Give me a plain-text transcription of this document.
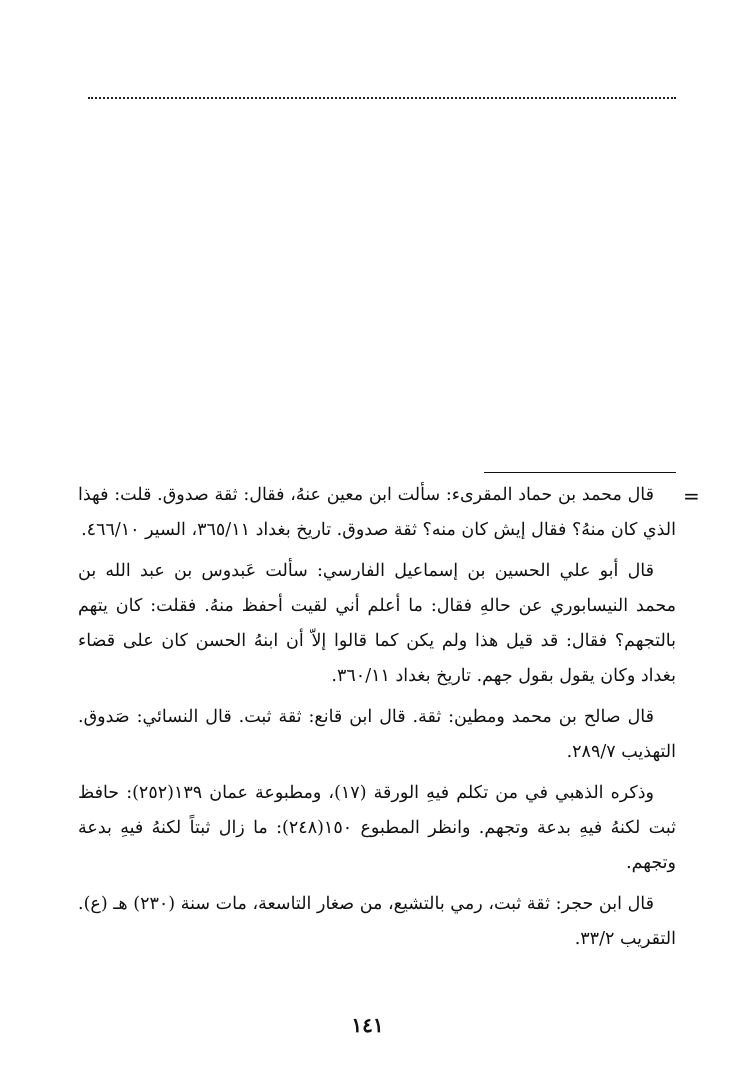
=

قال محمد بن حماد المقرىء: سألت ابن معين عنهُ، فقال: ثقة صدوق. قلت: فهذا الذي كان منهُ؟ فقال إيش كان منه؟ ثقة صدوق. تاريخ بغداد ٣٦٥/١١، السير ٤٦٦/١٠.

قال أبو علي الحسين بن إسماعيل الفارسي: سألت عَبدوس بن عبد الله بن محمد النيسابوري عن حالهِ فقال: ما أعلم أني لقيت أحفظ منهُ. فقلت: كان يتهم بالتجهم؟ فقال: قد قيل هذا ولم يكن كما قالوا إلاّ أن ابنهُ الحسن كان على قضاء بغداد وكان يقول بقول جهم. تاريخ بغداد ٣٦٠/١١.

قال صالح بن محمد ومطين: ثقة. قال ابن قانع: ثقة ثبت. قال النسائي: صَدوق. التهذيب ٢٨٩/٧.

وذكره الذهبي في من تكلم فيهِ الورقة (١٧)، ومطبوعة عمان ١٣٩(٢٥٢): حافظ ثبت لكنهُ فيهِ بدعة وتجهم. وانظر المطبوع ١٥٠(٢٤٨): ما زال ثبتاً لكنهُ فيهِ بدعة وتجهم.

قال ابن حجر: ثقة ثبت، رمي بالتشيع، من صغار التاسعة، مات سنة (٢٣٠) هـ (ع). التقريب ٣٣/٢.

١٤١
